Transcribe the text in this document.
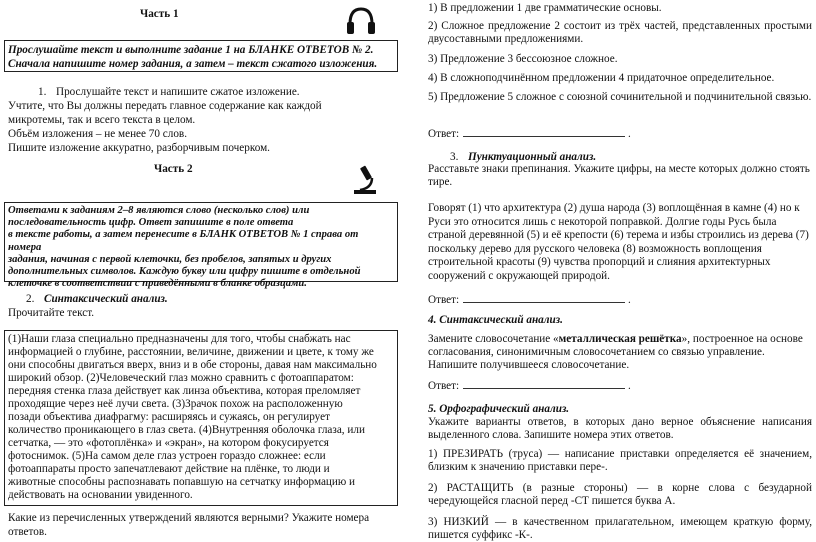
Часть 1
Прослушайте текст и выполните задание 1 на БЛАНКЕ ОТВЕТОВ № 2. Сначала напишите номер задания, а затем – текст сжатого изложения.
1. Прослушайте текст и напишите сжатое изложение.
Учтите, что Вы должны передать главное содержание как каждой
микротемы, так и всего текста в целом.
Объём изложения – не менее 70 слов.
Пишите изложение аккуратно, разборчивым почерком.
Часть 2
Ответами к заданиям 2–8 являются слово (несколько слов) или
последовательность цифр. Ответ запишите в поле ответа
в тексте работы, а затем перенесите в БЛАНК ОТВЕТОВ № 1 справа от номера
задания, начиная с первой клеточки, без пробелов, запятых и других
дополнительных символов. Каждую букву или цифру пишите в отдельной
клеточке в соответствии с приведёнными в бланке образцами.
2. Синтаксический анализ.
Прочитайте текст.
(1)Наши глаза специально предназначены для того, чтобы снабжать нас
информацией о глубине, расстоянии, величине, движении и цвете, к тому же
они способны двигаться вверх, вниз и в обе стороны, давая нам максимально
широкий обзор. (2)Человеческий глаз можно сравнить с фотоаппаратом:
передняя стенка глаза действует как линза объектива, которая преломляет
проходящие через неё лучи света. (3)Зрачок похож на расположенную
позади объектива диафрагму: расширяясь и сужаясь, он регулирует
количество проникающего в глаз света. (4)Внутренняя оболочка глаза, или
сетчатка, — это «фотоплёнка» и «экран», на котором фокусируется
фотоснимок. (5)На самом деле глаз устроен гораздо сложнее: если
фотоаппараты просто запечатлевают действие на плёнке, то люди и
животные способны распознавать попавшую на сетчатку информацию и
действовать на основании увиденного.
Какие из перечисленных утверждений являются верными? Укажите номера
ответов.
1) В предложении 1 две грамматические основы.
2) Сложное предложение 2 состоит из трёх частей, представленных простыми двусоставными предложениями.
3) Предложение 3 бессоюзное сложное.
4) В сложноподчинённом предложении 4 придаточное определительное.
5) Предложение 5 сложное с союзной сочинительной и подчинительной связью.
Ответ:	.
3. Пунктуационный анализ.
Расставьте знаки препинания. Укажите цифры, на месте которых должно стоять тире.
Говорят (1) что архитектура (2) душа народа (3) воплощённая в камне (4) но к Руси это относится лишь с некоторой поправкой. Долгие годы Русь была страной деревянной (5) и её крепости (6) терема и избы строились из дерева (7) поскольку дерево для русского человека (8) возможность воплощения строительной красоты (9) чувства пропорций и слияния архитектурных сооружений с окружающей природой.
Ответ:	.
4. Синтаксический анализ.
Замените словосочетание «металлическая решётка», построенное на основе согласования, синонимичным словосочетанием со связью управление. Напишите получившееся словосочетание.
Ответ:	.
5. Орфографический анализ.
Укажите варианты ответов, в которых дано верное объяснение написания выделенного слова. Запишите номера этих ответов.
1) ПРЕЗИРАТЬ (труса) — написание приставки определяется её значением, близким к значению приставки пере-.
2) РАСТАЩИТЬ (в разные стороны) — в корне слова с безударной чередующейся гласной перед -СТ пишется буква А.
3) НИЗКИЙ — в качественном прилагательном, имеющем краткую форму, пишется суффикс -К-.
